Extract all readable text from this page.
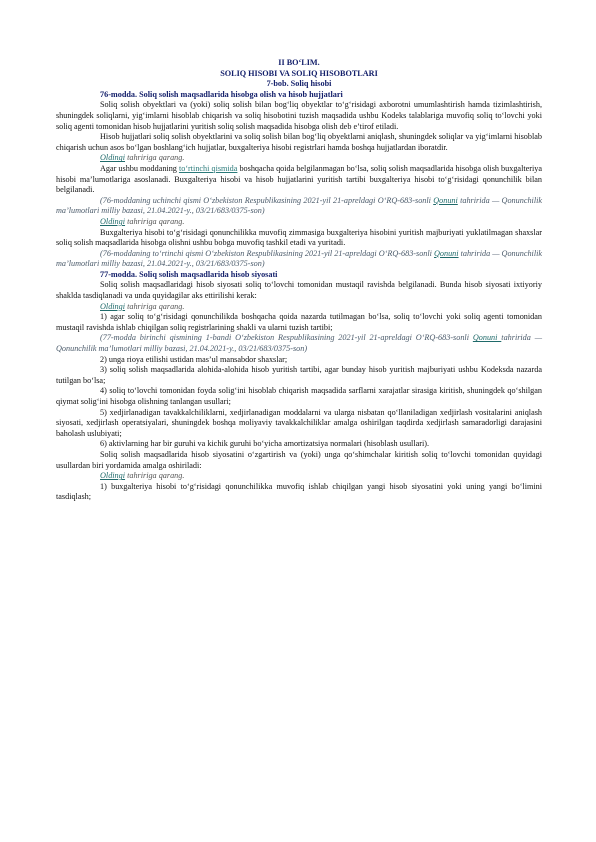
II BO‘LIM.
SOLIQ HISOBI VA SOLIQ HISOBOTLARI
7-bob. Soliq hisobi
76-modda. Soliq solish maqsadlarida hisobga olish va hisob hujjatlari

Soliq solish obyektlari va (yoki) soliq solish bilan bog‘liq obyektlar to‘g‘risidagi axborotni umumlashtirish hamda tizimlashtirish, shuningdek soliqlarni, yig‘imlarni hisoblab chiqarish va soliq hisobotini tuzish maqsadida ushbu Kodeks talablariga muvofiq soliq to‘lovchi yoki soliq agenti tomonidan hisob hujjatlarini yuritish soliq solish maqsadida hisobga olish deb e’tirof etiladi.

Hisob hujjatlari soliq solish obyektlarini va soliq solish bilan bog‘liq obyektlarni aniqlash, shuningdek soliqlar va yig‘imlarni hisoblab chiqarish uchun asos bo‘lgan boshlang‘ich hujjatlar, buxgalteriya hisobi registrlari hamda boshqa hujjatlardan iboratdir.

Oldingi tahririga qarang.

Agar ushbu moddaning to‘rtinchi qismida boshqacha qoida belgilanmagan bo‘lsa, soliq solish maqsadlarida hisobga olish buxgalteriya hisobi ma’lumotlariga asoslanadi. Buxgalteriya hisobi va hisob hujjatlarini yuritish tartibi buxgalteriya hisobi to‘g‘risidagi qonunchilik bilan belgilanadi.

(76-moddaning uchinchi qismi O‘zbekiston Respublikasining 2021-yil 21-apreldagi O‘RQ-683-sonli Qonuni tahririda — Qonunchilik ma’lumotlari milliy bazasi, 21.04.2021-y., 03/21/683/0375-son)
Oldingi tahririga qarang.

Buxgalteriya hisobi to‘g‘risidagi qonunchilikka muvofiq zimmasiga buxgalteriya hisobini yuritish majburiyati yuklatilmagan shaxslar soliq solish maqsadlarida hisobga olishni ushbu bobga muvofiq tashkil etadi va yuritadi.

(76-moddaning to‘rtinchi qismi O‘zbekiston Respublikasining 2021-yil 21-apreldagi O‘RQ-683-sonli Qonuni tahririda — Qonunchilik ma’lumotlari milliy bazasi, 21.04.2021-y., 03/21/683/0375-son)
77-modda. Soliq solish maqsadlarida hisob siyosati

Soliq solish maqsadlaridagi hisob siyosati soliq to‘lovchi tomonidan mustaqil ravishda belgilanadi. Bunda hisob siyosati ixtiyoriy shaklda tasdiqlanadi va unda quyidagilar aks ettirilishi kerak:

Oldingi tahririga qarang.

1) agar soliq to‘g‘risidagi qonunchilikda boshqacha qoida nazarda tutilmagan bo‘lsa, soliq to‘lovchi yoki soliq agenti tomonidan mustaqil ravishda ishlab chiqilgan soliq registrlarining shakli va ularni tuzish tartibi;

(77-modda birinchi qismining 1-bandi O‘zbekiston Respublikasining 2021-yil 21-apreldagi O‘RQ-683-sonli Qonuni tahririda — Qonunchilik ma’lumotlari milliy bazasi, 21.04.2021-y., 03/21/683/0375-son)

2) unga rioya etilishi ustidan mas’ul mansabdor shaxslar;

3) soliq solish maqsadlarida alohida-alohida hisob yuritish tartibi, agar bunday hisob yuritish majburiyati ushbu Kodeksda nazarda tutilgan bo‘lsa;

4) soliq to‘lovchi tomonidan foyda solig‘ini hisoblab chiqarish maqsadida sarflarni xarajatlar sirasiga kiritish, shuningdek qo‘shilgan qiymat solig‘ini hisobga olishning tanlangan usullari;

5) xedjirlanadigan tavakkalchiliklarni, xedjirlanadigan moddalarni va ularga nisbatan qo‘llaniladigan xedjirlash vositalarini aniqlash siyosati, xedjirlash operatsiyalari, shuningdek boshqa moliyaviy tavakkalchiliklar amalga oshirilgan taqdirda xedjirlash samaradorligi darajasini baholash uslubiyati;

6) aktivlarning har bir guruhi va kichik guruhi bo‘yicha amortizatsiya normalari (hisoblash usullari).

Soliq solish maqsadlarida hisob siyosatini o‘zgartirish va (yoki) unga qo‘shimchalar kiritish soliq to‘lovchi tomonidan quyidagi usullardan biri yordamida amalga oshiriladi:

Oldingi tahririga qarang.

1) buxgalteriya hisobi to‘g‘risidagi qonunchilikka muvofiq ishlab chiqilgan yangi hisob siyosatini yoki uning yangi bo‘limini tasdiqlash;
